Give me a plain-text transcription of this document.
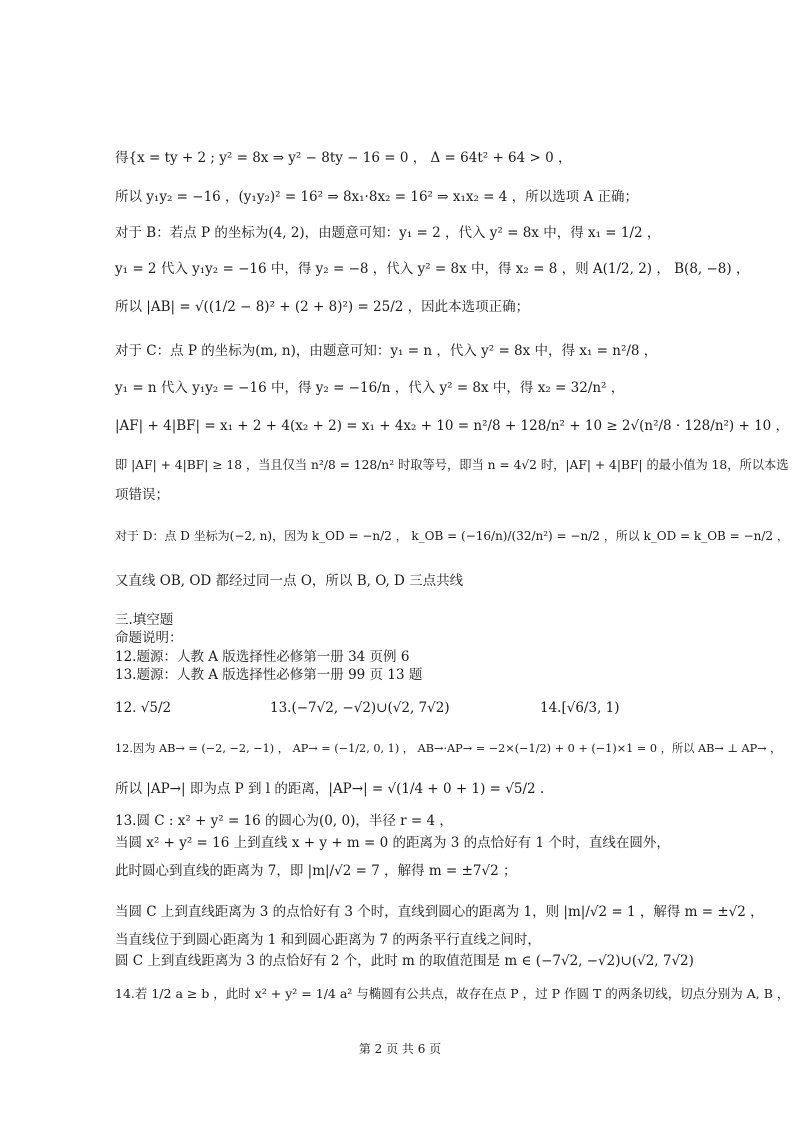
得{x = ty + 2 ; y² = 8x ⇒ y² − 8ty − 16 = 0 ， Δ = 64t² + 64 > 0 ，
所以 y₁y₂ = −16 ，(y₁y₂)² = 16² ⇒ 8x₁·8x₂ = 16² ⇒ x₁x₂ = 4 ，所以选项 A 正确；
对于 B：若点 P 的坐标为(4, 2)，由题意可知：y₁ = 2 ，代入 y² = 8x 中，得 x₁ = 1/2 ，
y₁ = 2 代入 y₁y₂ = −16 中，得 y₂ = −8 ，代入 y² = 8x 中，得 x₂ = 8 ，则 A(1/2, 2) ， B(8, −8) ，
所以 |AB| = √((1/2 − 8)² + (2 + 8)²) = 25/2 ，因此本选项正确；
对于 C：点 P 的坐标为(m, n)，由题意可知：y₁ = n ，代入 y² = 8x 中，得 x₁ = n²/8 ，
y₁ = n 代入 y₁y₂ = −16 中，得 y₂ = −16/n ，代入 y² = 8x 中，得 x₂ = 32/n² ，
|AF| + 4|BF| = x₁ + 2 + 4(x₂ + 2) = x₁ + 4x₂ + 10 = n²/8 + 128/n² + 10 ≥ 2√(n²/8 · 128/n²) + 10 ，
即 |AF| + 4|BF| ≥ 18 ，当且仅当 n²/8 = 128/n² 时取等号，即当 n = 4√2 时，|AF| + 4|BF| 的最小值为 18，所以本选
项错误；
对于 D：点 D 坐标为(−2, n)，因为 k_OD = −n/2 ， k_OB = (−16/n)/(32/n²) = −n/2 ，所以 k_OD = k_OB = −n/2 ，
又直线 OB, OD 都经过同一点 O，所以 B, O, D 三点共线
三.填空题
命题说明：
12.题源：人教 A 版选择性必修第一册 34 页例 6
13.题源：人教 A 版选择性必修第一册 99 页 13 题
12. √5/2	13.(−7√2, −√2)∪(√2, 7√2)	14.[√6/3, 1)
12.因为 AB→ = (−2, −2, −1) ， AP→ = (−1/2, 0, 1) ， AB→·AP→ = −2×(−1/2) + 0 + (−1)×1 = 0 ，所以 AB→ ⊥ AP→ ，
所以 |AP→| 即为点 P 到 l 的距离，|AP→| = √(1/4 + 0 + 1) = √5/2 .
13.圆 C : x² + y² = 16 的圆心为(0, 0)，半径 r = 4 ，
当圆 x² + y² = 16 上到直线 x + y + m = 0 的距离为 3 的点恰好有 1 个时，直线在圆外，
此时圆心到直线的距离为 7，即 |m|/√2 = 7 ，解得 m = ±7√2 ；
当圆 C 上到直线距离为 3 的点恰好有 3 个时，直线到圆心的距离为 1，则 |m|/√2 = 1 ，解得 m = ±√2 ，
当直线位于到圆心距离为 1 和到圆心距离为 7 的两条平行直线之间时，
圆 C 上到直线距离为 3 的点恰好有 2 个，此时 m 的取值范围是 m ∈ (−7√2, −√2)∪(√2, 7√2)
14.若 1/2 a ≥ b ，此时 x² + y² = 1/4 a² 与椭圆有公共点，故存在点 P ，过 P 作圆 T 的两条切线，切点分别为 A, B ，
第 2 页 共 6 页
